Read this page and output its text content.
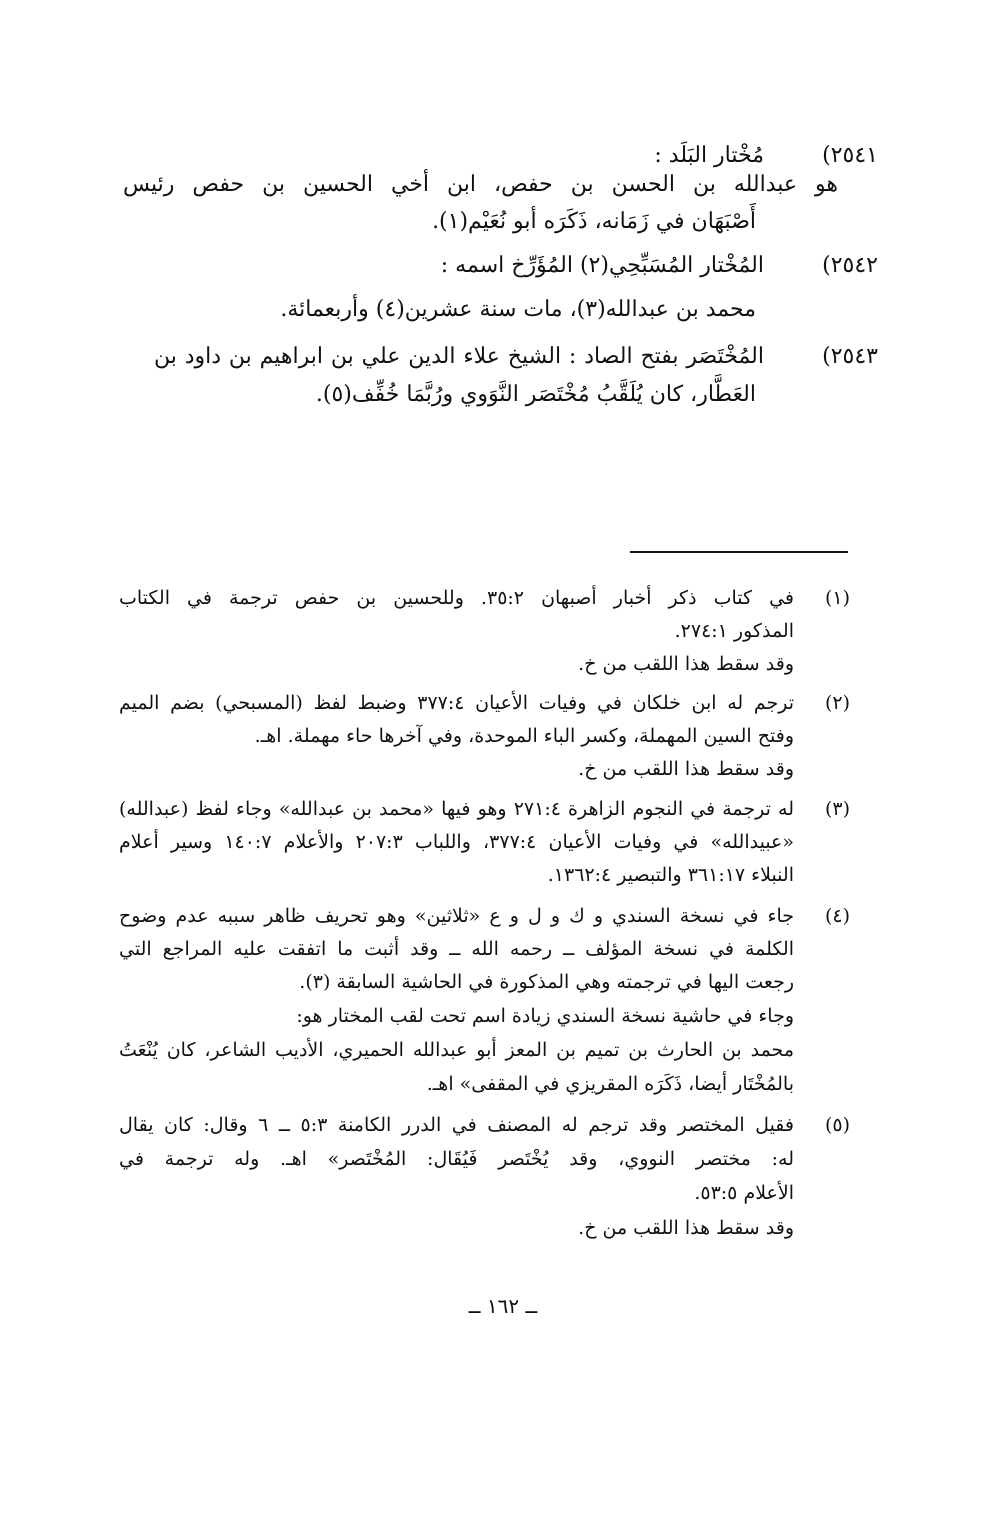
٢٥٤١)
مُخْتار البَلَد :
هو عبدالله بن الحسن بن حفص، ابن أخي الحسين بن حفص رئيس
أَصْبَهَان في زَمَانه، ذَكَرَه أبو نُعَيْم(١).
٢٥٤٢)
المُخْتار المُسَبِّحِي(٢) المُؤَرِّخ اسمه :
محمد بن عبدالله(٣)، مات سنة عشرين(٤) وأربعمائة.
٢٥٤٣)
المُخْتَصَر بفتح الصاد : الشيخ علاء الدين علي بن ابراهيم بن داود بن
العَطَّار، كان يُلَقَّبُ مُخْتَصَر النَّوَوي ورُبَّمَا خُفِّف(٥).
(١)
في كتاب ذكر أخبار أصبهان ٣٥:٢. وللحسين بن حفص ترجمة في الكتاب
المذكور ٢٧٤:١.
وقد سقط هذا اللقب من خ.
(٢)
ترجم له ابن خلكان في وفيات الأعيان ٣٧٧:٤ وضبط لفظ (المسبحي) بضم الميم
وفتح السين المهملة، وكسر الباء الموحدة، وفي آخرها حاء مهملة. اهـ.
وقد سقط هذا اللقب من خ.
(٣)
له ترجمة في النجوم الزاهرة ٢٧١:٤ وهو فيها «محمد بن عبدالله» وجاء لفظ (عبدالله)
«عبيدالله» في وفيات الأعيان ٣٧٧:٤، واللباب ٢٠٧:٣ والأعلام ١٤٠:٧ وسير أعلام
النبلاء ٣٦١:١٧ والتبصير ١٣٦٢:٤.
(٤)
جاء في نسخة السندي و ك و ل و ع «ثلاثين» وهو تحريف ظاهر سببه عدم وضوح
الكلمة في نسخة المؤلف ــ رحمه الله ــ وقد أثبت ما اتفقت عليه المراجع التي
رجعت اليها في ترجمته وهي المذكورة في الحاشية السابقة (٣).
وجاء في حاشية نسخة السندي زيادة اسم تحت لقب المختار هو:
محمد بن الحارث بن تميم بن المعز أبو عبدالله الحميري، الأديب الشاعر، كان يُنْعَتُ
بالمُخْتَار أيضا، ذَكَرَه المقريزي في المقفى» اهـ.
(٥)
فقيل المختصر وقد ترجم له المصنف في الدرر الكامنة ٥:٣ ــ ٦ وقال: كان يقال
له: مختصر النووي، وقد يُخْتَصر فَيُقَال: المُخْتَصر» اهـ. وله ترجمة في
الأعلام ٥٣:٥.
وقد سقط هذا اللقب من خ.
ــ ١٦٢ ــ
